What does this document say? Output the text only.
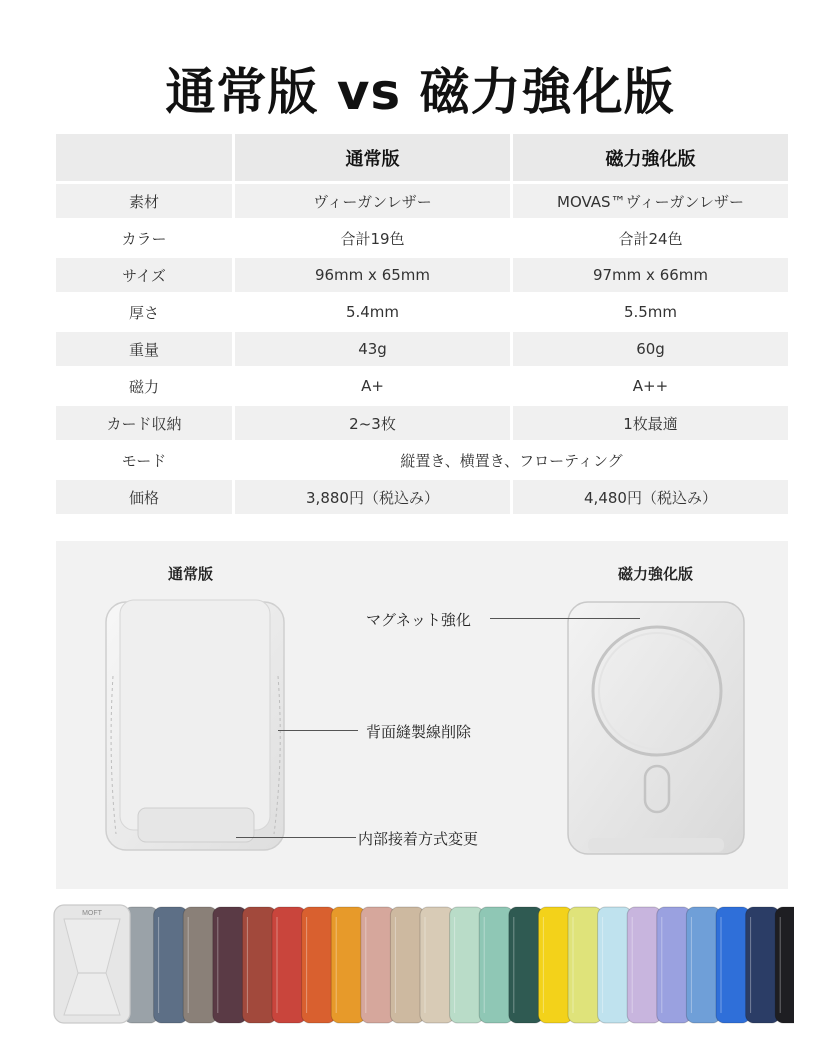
通常版 vs 磁力強化版
	通常版	磁力強化版
素材	ヴィーガンレザー	MOVAS™ヴィーガンレザー
カラー	合計19色	合計24色
サイズ	96mm x 65mm	97mm x 66mm
厚さ	5.4mm	5.5mm
重量	43g	60g
磁力	A+	A++
カード収納	2~3枚	1枚最適
モード	縦置き、横置き、フローティング	
価格	3,880円（税込み）	4,480円（税込み）
通常版	磁力強化版
マグネット強化
背面縫製線削除
内部接着方式変更
MOFT
